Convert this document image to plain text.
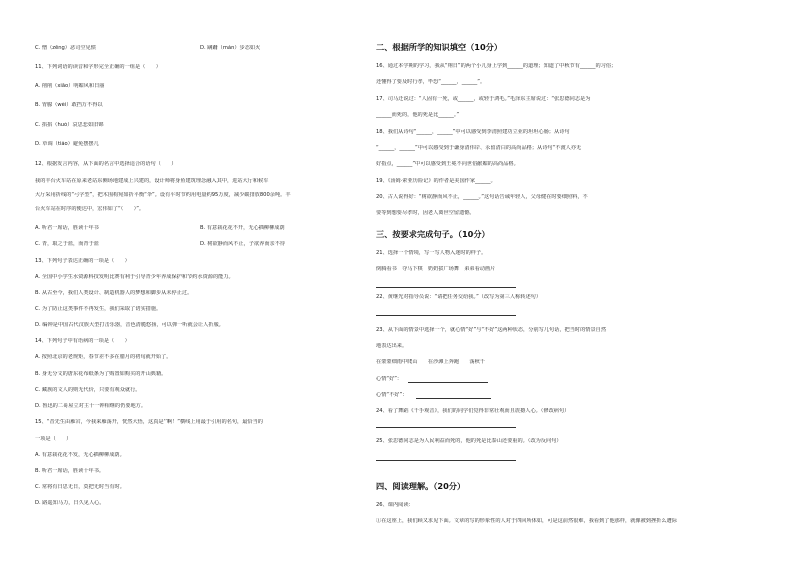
C. 憎（zēng）恶司空见惯	D. 蹒跚（mán）步态如火
11、下列词语的读音和字形完全正确的一组是（　　）
A. 削削（xiāo）明媚风和日丽
B. 胃腺（wèi）敢挡万不得以
C. 掐掐（huó）哀思悲如旧锦
D. 草调（tiáo）避免摆摆几
12、根据发言内容，从下面的名言中选择适合的语句（　　）
我的丰台火车站在原来老站东侧场地建成上兴建的，设计师将身鱼建筑理念融入其中，进站大厅和候车
大厅采用折线的“弓字型”，把木围构宛如折平衡“伞”。设有平时节约用电量约95万度，减少碳排放800余吨。丰
台火车站在时序的便达中，宏伟如了“（　　）”。
A. 听君一席话，胜读十年书	B. 有意栽花花不开，无心插柳柳成荫
C. 青，取之于蓝，而青于蓝	D. 树欲静而风不止，子欲养而亲不待
13、下列句子表达正确的一项是（　　）
A. 全国中小学生水资源科技发明比赛有利于引导青少年养成保护和节约水资源的能力。
B. 从古至今，我们人类设计、制造机器人的梦想和脚步从未停止过。
C. 为了防止这类事件不再发生，我们采取了切实措施。
D. 编钟是中国古代汉族大型打击乐器，音色清脆悠扬，可以弹一听就会让人折服。
14、下列句子中有语病的一项是（　　）
A. 按照北京的老规矩，春节差不多在腊月的初旬就开始了。
B. 身无分文的唐东花布纸条为了购置如购买的开山典籍。
C. 藏族的文人的则无代价，只要有观众就行。
D. 鲁迅的二哥屋立对主十一钟相继的仍要地方。
15、“昔先生由雁宕，今我来雁荡开，恍然大悟，这真是‘’啊！”横线上用最于引用的名句，最恰当的
一项是（　　）
A. 有意栽花花不发，无心插柳柳成荫。
B. 听君一席话，胜读十年书。
C. 常将有日思无日，莫把无时当有时。
D. 路遥知马力，日久见人心。
二、根据所学的知识填空（10分）
16、通过本学期的学习，我从“翔日”的两个小儿身上学到______的道理；知道了中秋节有______的习俗；
还懂得了要及时行孝，毕恐“______，______”。
17、司马迁说过：“人固有一死，或______，或轻于鸿毛。”毛泽东主席说过：“张思德同志是为
______而死的，他的死是比______。”
18、我们从诗句“______，______”中可以感受到李清照建功立业的坦坦心肠；从诗句
“______，______”中可以感受到于谦身清伟岸、永留清白的高尚品格；从诗句“不渡人亦无
好指点，______”中可以感受到王冕不向世俗献媚的高尚品格。
19、《汤姆·索亚历险记》的作者是美国作家______。
20、古人说得好：“树欲静而风不止，______。”这句话告诫年轻人，父母健在时要细照料，不
要等到想要尽孝时，因老人离世空留遗憾。
三、按要求完成句子。（10分）
21、选择一个情境，写一写人物入迷时的样子。
倒腾看书　夺马下棋　奶奶拔广场舞　弟弟看动画片
22、黄继光对指导员说：“请把任务交给我。”（改写为第三人称转述句）
23、从下面的情景中选择一个，就心情“好”与“不好”这两种状态，分别写几句话，把当时的情景自然
地表达出来。
在蒙蒙细雨中爬山　　在沙滩上奔跑　　荡秋千
心情“好”：
心情“不好”：
24、看了舞蹈《千手观音》，我们的同学们觉得非常壮观而且震撼人心。（修改病句）
25、张思德同志是为人民利益而死的，他的死是比泰山还要重的。（改为反问句）
四、阅读理解。（20分）
26、课内阅读：
①在这座上，我们顾又求见下面。文章的写的形象性的人对于四回所体如，可是这前然很难，我看到了他那样，就像被到挫折么遭际
